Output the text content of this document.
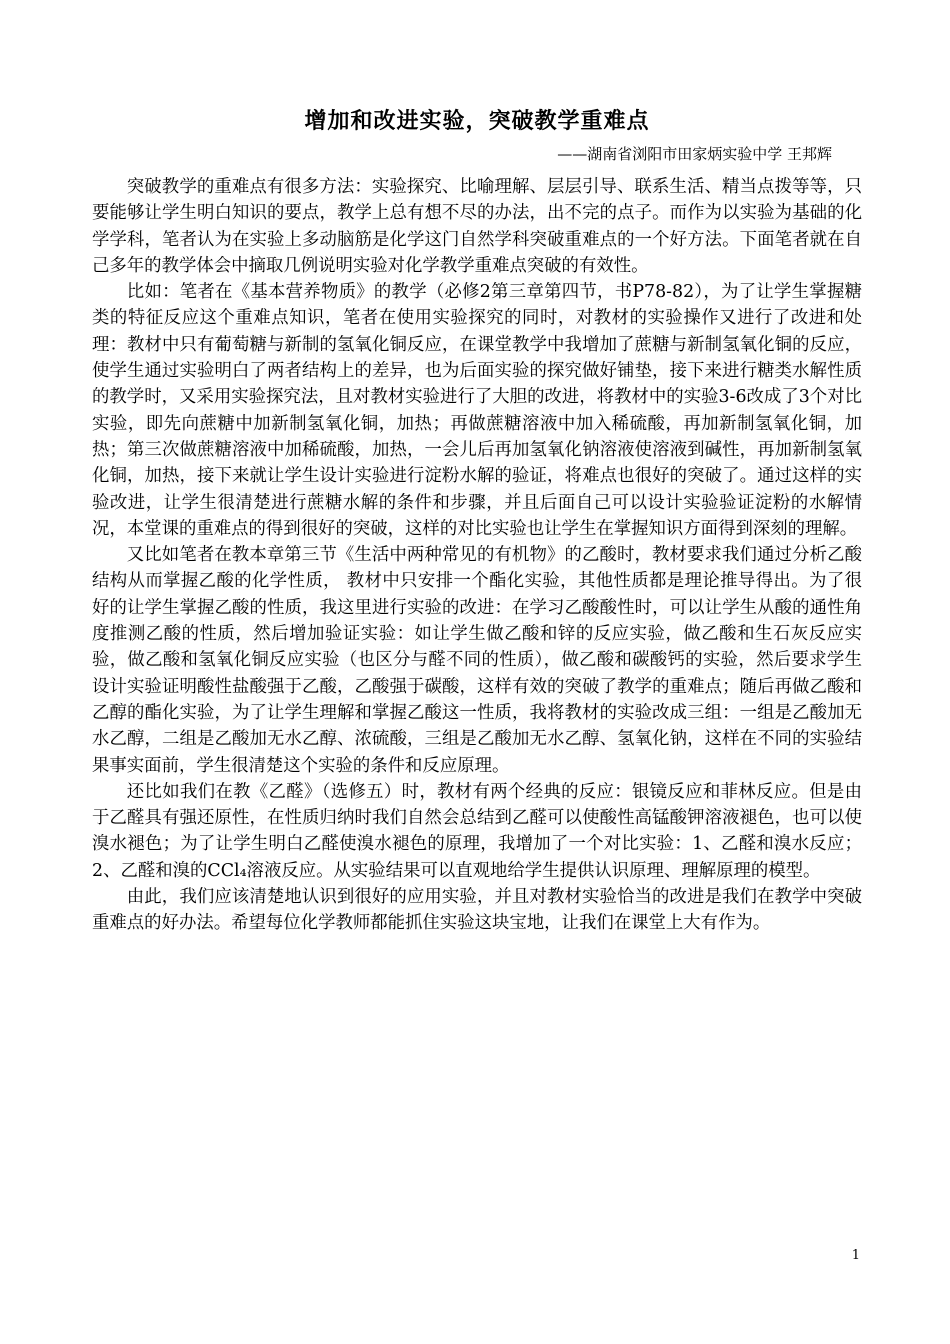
增加和改进实验，突破教学重难点
——湖南省浏阳市田家炳实验中学 王邦辉

突破教学的重难点有很多方法：实验探究、比喻理解、层层引导、联系生活、精当点拨等等，只要能够让学生明白知识的要点，教学上总有想不尽的办法，出不完的点子。而作为以实验为基础的化学学科，笔者认为在实验上多动脑筋是化学这门自然学科突破重难点的一个好方法。下面笔者就在自己多年的教学体会中摘取几例说明实验对化学教学重难点突破的有效性。

比如：笔者在《基本营养物质》的教学（必修2第三章第四节，书P78-82），为了让学生掌握糖类的特征反应这个重难点知识，笔者在使用实验探究的同时，对教材的实验操作又进行了改进和处理：教材中只有葡萄糖与新制的氢氧化铜反应，在课堂教学中我增加了蔗糖与新制氢氧化铜的反应，使学生通过实验明白了两者结构上的差异，也为后面实验的探究做好铺垫，接下来进行糖类水解性质的教学时，又采用实验探究法，且对教材实验进行了大胆的改进，将教材中的实验3-6改成了3个对比实验，即先向蔗糖中加新制氢氧化铜，加热；再做蔗糖溶液中加入稀硫酸，再加新制氢氧化铜，加热；第三次做蔗糖溶液中加稀硫酸，加热，一会儿后再加氢氧化钠溶液使溶液到碱性，再加新制氢氧化铜，加热，接下来就让学生设计实验进行淀粉水解的验证，将难点也很好的突破了。通过这样的实验改进，让学生很清楚进行蔗糖水解的条件和步骤，并且后面自己可以设计实验验证淀粉的水解情况，本堂课的重难点的得到很好的突破，这样的对比实验也让学生在掌握知识方面得到深刻的理解。

又比如笔者在教本章第三节《生活中两种常见的有机物》的乙酸时，教材要求我们通过分析乙酸结构从而掌握乙酸的化学性质， 教材中只安排一个酯化实验，其他性质都是理论推导得出。为了很好的让学生掌握乙酸的性质，我这里进行实验的改进：在学习乙酸酸性时，可以让学生从酸的通性角度推测乙酸的性质，然后增加验证实验：如让学生做乙酸和锌的反应实验，做乙酸和生石灰反应实验，做乙酸和氢氧化铜反应实验（也区分与醛不同的性质），做乙酸和碳酸钙的实验，然后要求学生设计实验证明酸性盐酸强于乙酸，乙酸强于碳酸，这样有效的突破了教学的重难点；随后再做乙酸和乙醇的酯化实验，为了让学生理解和掌握乙酸这一性质，我将教材的实验改成三组：一组是乙酸加无水乙醇，二组是乙酸加无水乙醇、浓硫酸，三组是乙酸加无水乙醇、氢氧化钠，这样在不同的实验结果事实面前，学生很清楚这个实验的条件和反应原理。

还比如我们在教《乙醛》（选修五）时，教材有两个经典的反应：银镜反应和菲林反应。但是由于乙醛具有强还原性，在性质归纳时我们自然会总结到乙醛可以使酸性高锰酸钾溶液褪色，也可以使溴水褪色；为了让学生明白乙醛使溴水褪色的原理，我增加了一个对比实验：1、乙醛和溴水反应；2、乙醛和溴的CCl₄溶液反应。从实验结果可以直观地给学生提供认识原理、理解原理的模型。

由此，我们应该清楚地认识到很好的应用实验，并且对教材实验恰当的改进是我们在教学中突破重难点的好办法。希望每位化学教师都能抓住实验这块宝地，让我们在课堂上大有作为。

1
